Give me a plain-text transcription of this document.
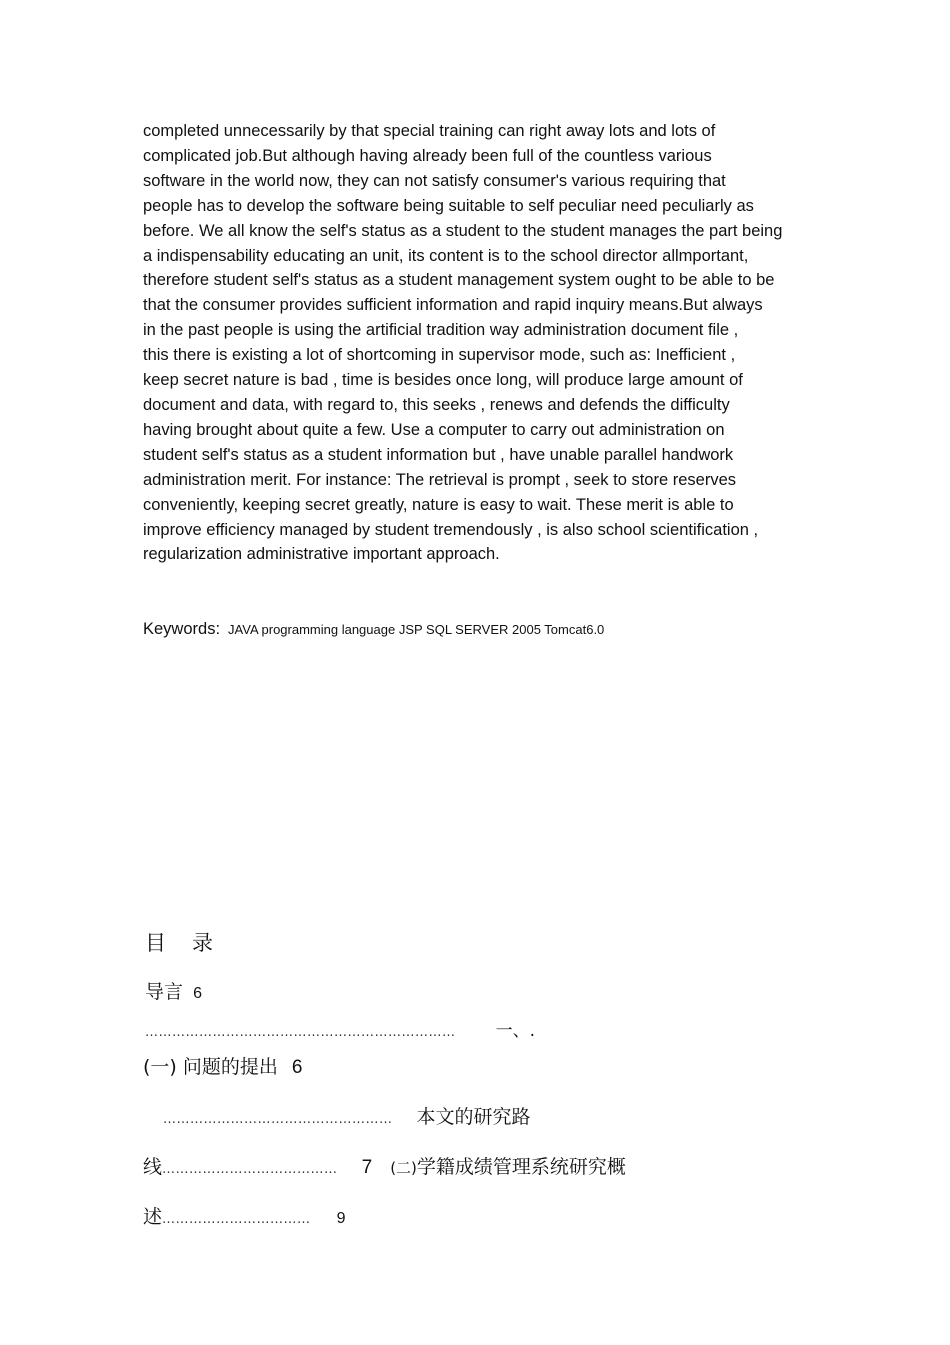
completed unnecessarily by that special training can right away lots and lots of
complicated job.But although having already been full of the countless various
software in the world now, they can not satisfy consumer's various requiring that
people has to develop the software being suitable to self peculiar need peculiarly as
before. We all know the self's status as a student to the student manages the part being
a indispensability educating an unit, its content is to the school director allmportant,
therefore student self's status as a student management system ought to be able to be
that the consumer provides sufficient information and rapid inquiry means.But always
in the past people is using the artificial tradition way administration document file ,
this there is existing a lot of shortcoming in supervisor mode, such as: Inefficient ,
keep secret nature is bad , time is besides once long, will produce large amount of
document and data, with regard to, this seeks , renews and defends the difficulty
having brought about quite a few. Use a computer to carry out administration on
student self's status as a student information but , have unable parallel handwork
administration merit. For instance: The retrieval is prompt , seek to store reserves
conveniently, keeping secret greatly, nature is easy to wait. These merit is able to
improve efficiency managed by student tremendously , is also school scientification ,
regularization administrative important approach.
Keywords: JAVA programming language JSP SQL SERVER 2005 Tomcat6.0
目 录
导言 6
…………………………………………………………… 一、.
(一) 问题的提出 6
…………………………………………… 本文的研究路
线………………………………… 7 (二)学籍成绩管理系统研究概
述…………………………… 9
